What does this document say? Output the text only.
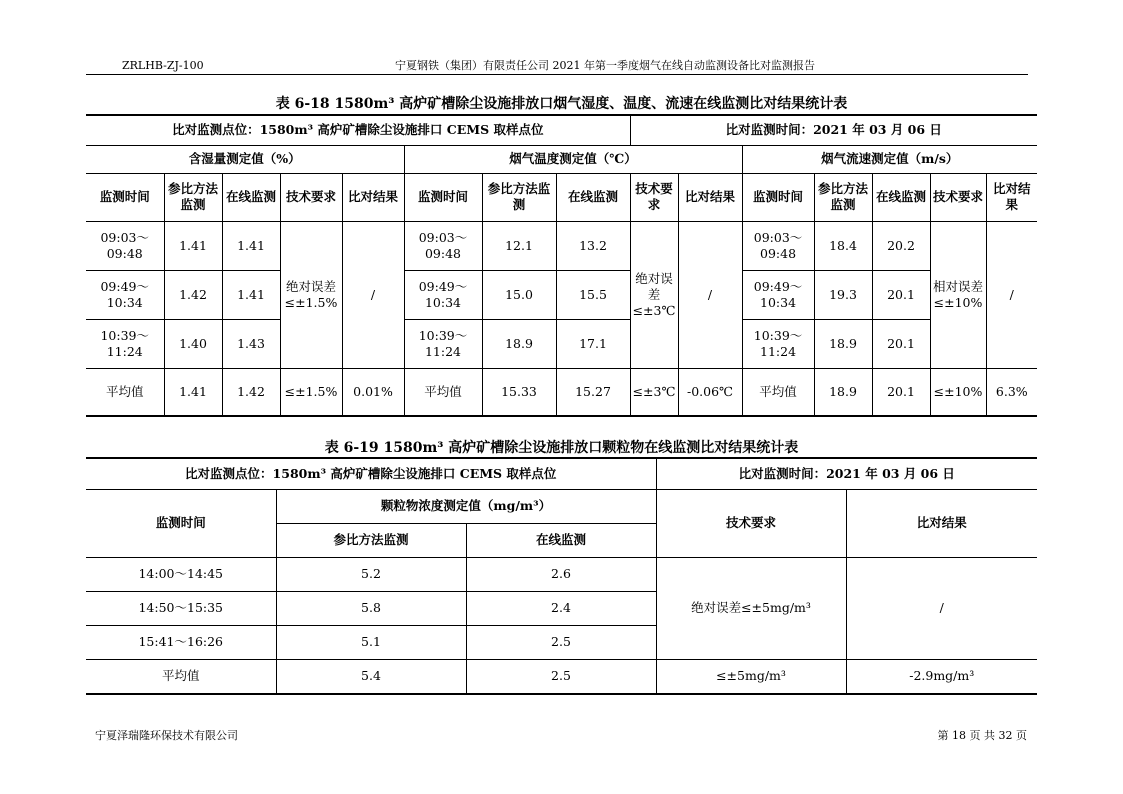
ZRLHB-ZJ-100	宁夏钢铁（集团）有限责任公司 2021 年第一季度烟气在线自动监测设备比对监测报告
表 6-18 1580m³ 高炉矿槽除尘设施排放口烟气湿度、温度、流速在线监测比对结果统计表
比对监测点位：1580m³ 高炉矿槽除尘设施排口 CEMS 取样点位								比对监测时间：2021 年 03 月 06 日						
含湿量测定值（%）					烟气温度测定值（℃）					烟气流速测定值（m/s）				
监测时间	参比方法监测	在线监测	技术要求	比对结果	监测时间	参比方法监测	在线监测	技术要求	比对结果	监测时间	参比方法监测	在线监测	技术要求	比对结果
09:03～09:48	1.41	1.41	绝对误差≤±1.5%	/	09:03～09:48	12.1	13.2	绝对误差≤±3℃	/	09:03～09:48	18.4	20.2	相对误差≤±10%	/
09:49～10:34	1.42	1.41			09:49～10:34	15.0	15.5			09:49～10:34	19.3	20.1		
10:39～11:24	1.40	1.43			10:39～11:24	18.9	17.1			10:39～11:24	18.9	20.1		
平均值	1.41	1.42	≤±1.5%	0.01%	平均值	15.33	15.27	≤±3℃	-0.06℃	平均值	18.9	20.1	≤±10%	6.3%
表 6-19 1580m³ 高炉矿槽除尘设施排放口颗粒物在线监测比对结果统计表
比对监测点位：1580m³ 高炉矿槽除尘设施排口 CEMS 取样点位			比对监测时间：2021 年 03 月 06 日	
监测时间	颗粒物浓度测定值（mg/m³）		技术要求	比对结果
	参比方法监测	在线监测		
14:00～14:45	5.2	2.6	绝对误差≤±5mg/m³	/
14:50～15:35	5.8	2.4		
15:41～16:26	5.1	2.5		
平均值	5.4	2.5	≤±5mg/m³	-2.9mg/m³
宁夏泽瑞隆环保技术有限公司	第 18 页 共 32 页
